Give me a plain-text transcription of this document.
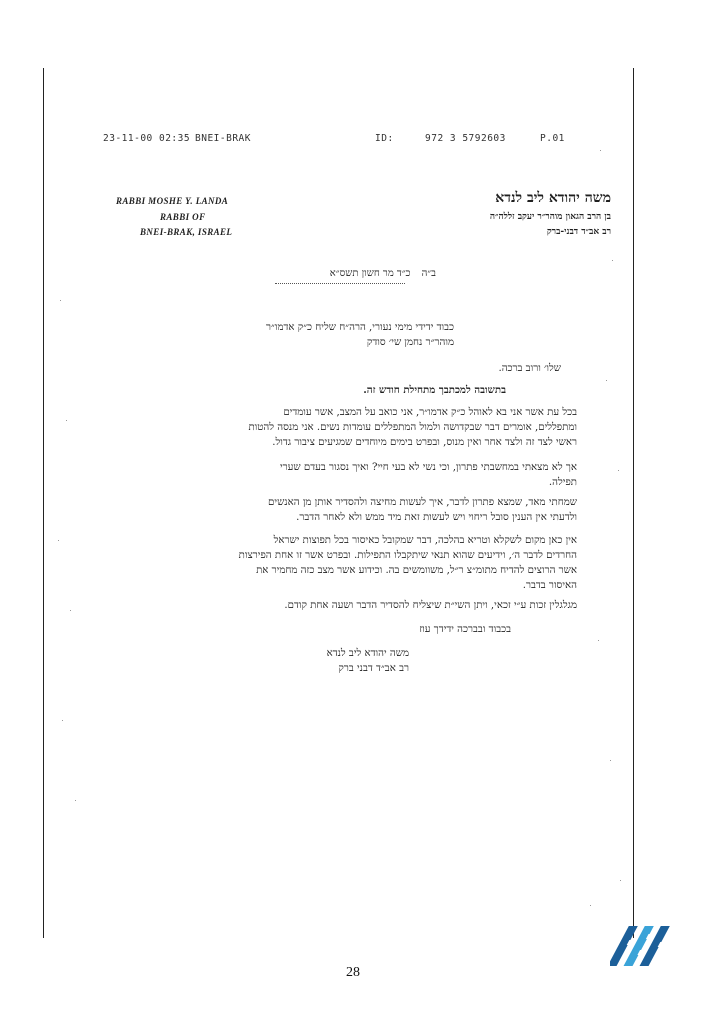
23-11-00 02:35 BNEI-BRAK	ID:	972 3 5792603	P.01
RABBI MOSHE Y. LANDA
RABBI OF
BNEI-BRAK, ISRAEL
משה יהודא ליב לנדא
בן הרב הגאון מוהר״ר יעקב זללה״ה
רב אב״ד דבני-ברק
ב״ה כ״ד מר חשון תשס״א
כבוד ידידי מימי נעורי, הרה״ח שליח כ״ק אדמו״ר
מוהר״ר נחמן שי׳ סודק
שלו׳ ורוב ברכה.
בתשובה למכתבך מתחילת חודש זה.
בכל עת אשר אני בא לאוהל כ״ק אדמו״ר, אני כואב על המצב, אשר עומדים
ומתפללים, אומרים דבר שבקדושה ולמול המתפללים עומדות נשים. אני מנסה להטות
ראשי לצד זה ולצד אחר ואין מנוס, ובפרט בימים מיוחדים שמגיעים ציבור גדול.
אך לא מצאתי במחשבתי פתרון, וכי נשי לא בעי חיי? ואיך נסגור בעדם שערי
תפילה.
שמחתי מאד, שמצא פתרון לדבר, איך לעשות מחיצה ולהסדיר אותן מן האנשים
ולדעתי אין הענין סובל ריחוי ויש לעשות זאת מיד ממש ולא לאחר הדבר.
אין כאן מקום לשקלא וטריא בהלכה, דבר שמקובל כאיסור בכל תפוצות ישראל
החרדים לדבר ה׳, וידיעים שהוא תנאי שיתקבלו התפילות. ובפרט אשר זו אחת הפירצות
אשר הרוצים להדיח מתומ״צ ר״ל, משוומשים בה. וכידוע אשר מצב כזה מחמיר את
האיסור בדבר.
מגלגלין זכות ע״י זכאי, ויתן השי״ת שיצליח להסדיר הדבר ושעה אחת קודם.
בכבוד ובברכה ידידך עוז
משה יהודא ליב לנדא
רב אב״ד דבני ברק
28
